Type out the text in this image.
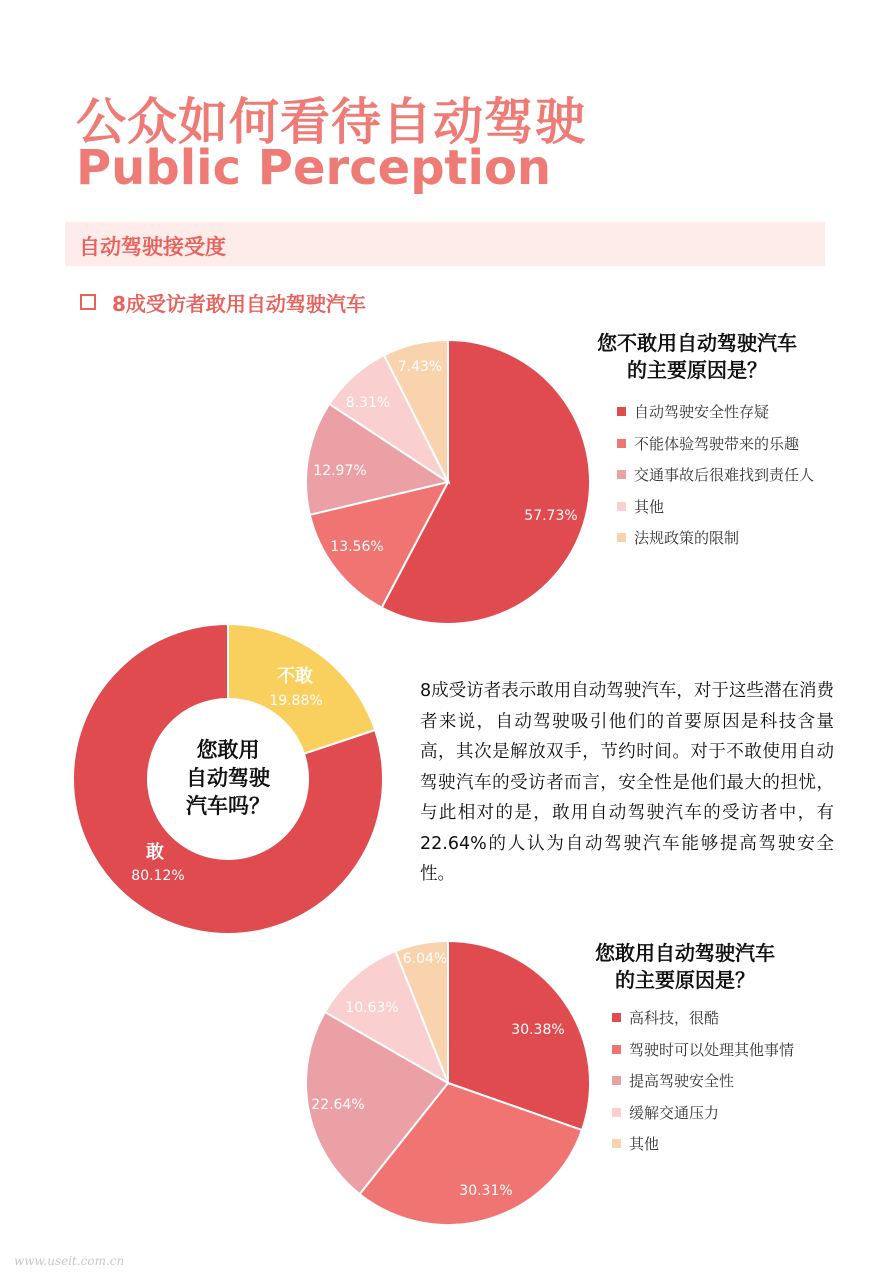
公众如何看待自动驾驶
Public Perception
自动驾驶接受度
8成受访者敢用自动驾驶汽车
57.73%
13.56%
12.97%
8.31%
7.43%
不敢
19.88%
敢
80.12%
您敢用
自动驾驶
汽车吗？
30.38%
30.31%
22.64%
10.63%
6.04%
您不敢用自动驾驶汽车
的主要原因是？
自动驾驶安全性存疑
不能体验驾驶带来的乐趣
交通事故后很难找到责任人
其他
法规政策的限制
8成受访者表示敢用自动驾驶汽车，对于这些潜在消费者来说，自动驾驶吸引他们的首要原因是科技含量高，其次是解放双手，节约时间。对于不敢使用自动驾驶汽车的受访者而言，安全性是他们最大的担忧，与此相对的是，敢用自动驾驶汽车的受访者中，有22.64%的人认为自动驾驶汽车能够提高驾驶安全性。
您敢用自动驾驶汽车
的主要原因是？
高科技，很酷
驾驶时可以处理其他事情
提高驾驶安全性
缓解交通压力
其他
www.useit.com.cn
